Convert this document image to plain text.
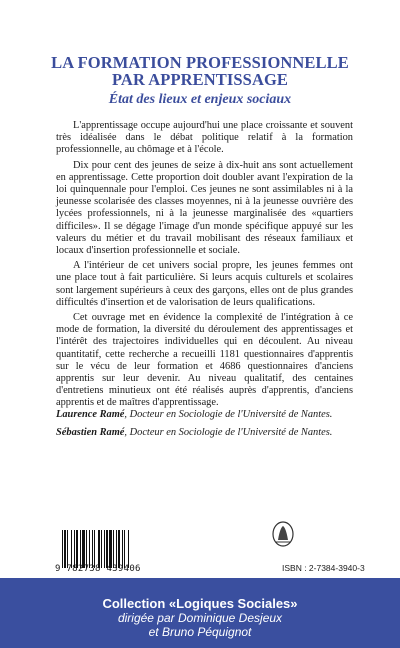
LA FORMATION PROFESSIONNELLE
PAR APPRENTISSAGE
État des lieux et enjeux sociaux

L'apprentissage occupe aujourd'hui une place croissante et souvent très idéalisée dans le débat politique relatif à la formation professionnelle, au chômage et à l'école.

Dix pour cent des jeunes de seize à dix-huit ans sont actuellement en apprentissage. Cette proportion doit doubler avant l'expiration de la loi quinquennale pour l'emploi. Ces jeunes ne sont assimilables ni à la jeunesse scolarisée des classes moyennes, ni à la jeunesse ouvrière des lycées professionnels, ni à la jeunesse marginalisée des «quartiers difficiles». Il se dégage l'image d'un monde spécifique appuyé sur les valeurs du métier et du travail mobilisant des réseaux familiaux et locaux d'insertion professionnelle et sociale.

A l'intérieur de cet univers social propre, les jeunes femmes ont une place tout à fait particulière. Si leurs acquis culturels et scolaires sont largement supérieurs à ceux des garçons, elles ont de plus grandes difficultés d'insertion et de valorisation de leurs qualifications.

Cet ouvrage met en évidence la complexité de l'intégration à ce mode de formation, la diversité du déroulement des apprentissages et l'intérêt des trajectoires individuelles qui en découlent. Au niveau quantitatif, cette recherche a recueilli 1181 questionnaires d'apprentis sur le vécu de leur formation et 4686 questionnaires d'anciens apprentis sur leur devenir. Au niveau qualitatif, des centaines d'entretiens minutieux ont été réalisés auprès d'apprentis, d'anciens apprentis et de maîtres d'apprentissage.

Laurence Ramé, Docteur en Sociologie de l'Université de Nantes.

Sébastien Ramé, Docteur en Sociologie de l'Université de Nantes.

9 782738 439406	ISBN : 2-7384-3940-3
Collection «Logiques Sociales»
dirigée par Dominique Desjeux
et Bruno Péquignot
